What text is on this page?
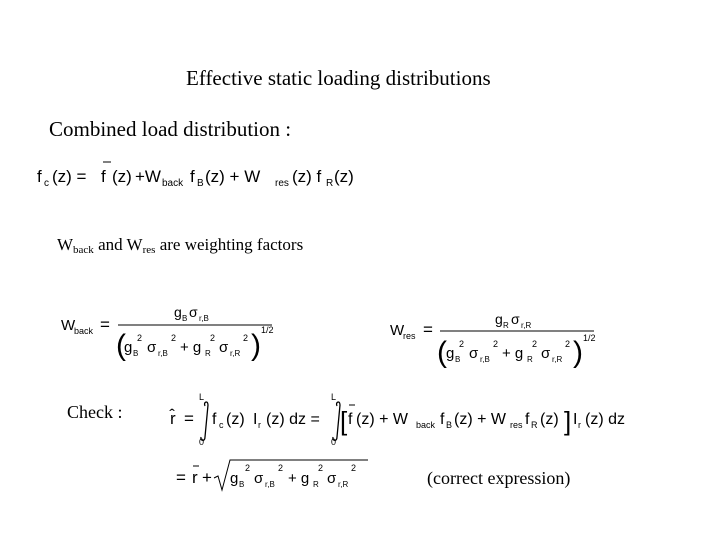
Effective static loading distributions
Combined load distribution :
f c (z) = f (z) +W back f B (z) + W res (z) f R (z)
$W_{back}$ and $W_{res}$ are weighting factors
W
back =
g B σ r,B
(
g B
2
σ r,B
2
+ g R
2
σ r,R
2 ) 1/2	W
res =
g R σ r,R
( g B
2
σ r,B
2
+ g R
2
σ r,R
2 ) 1/2
Check :	r̂ =
L
0
f c (z) I r (z) dz =
L
0
[ f (z) + W back f B (z) + W res f R (z) ] I r (z) dz
= r + g B
2
σ r,B
2
+ g R
2
σ r,R
2	(correct expression)
